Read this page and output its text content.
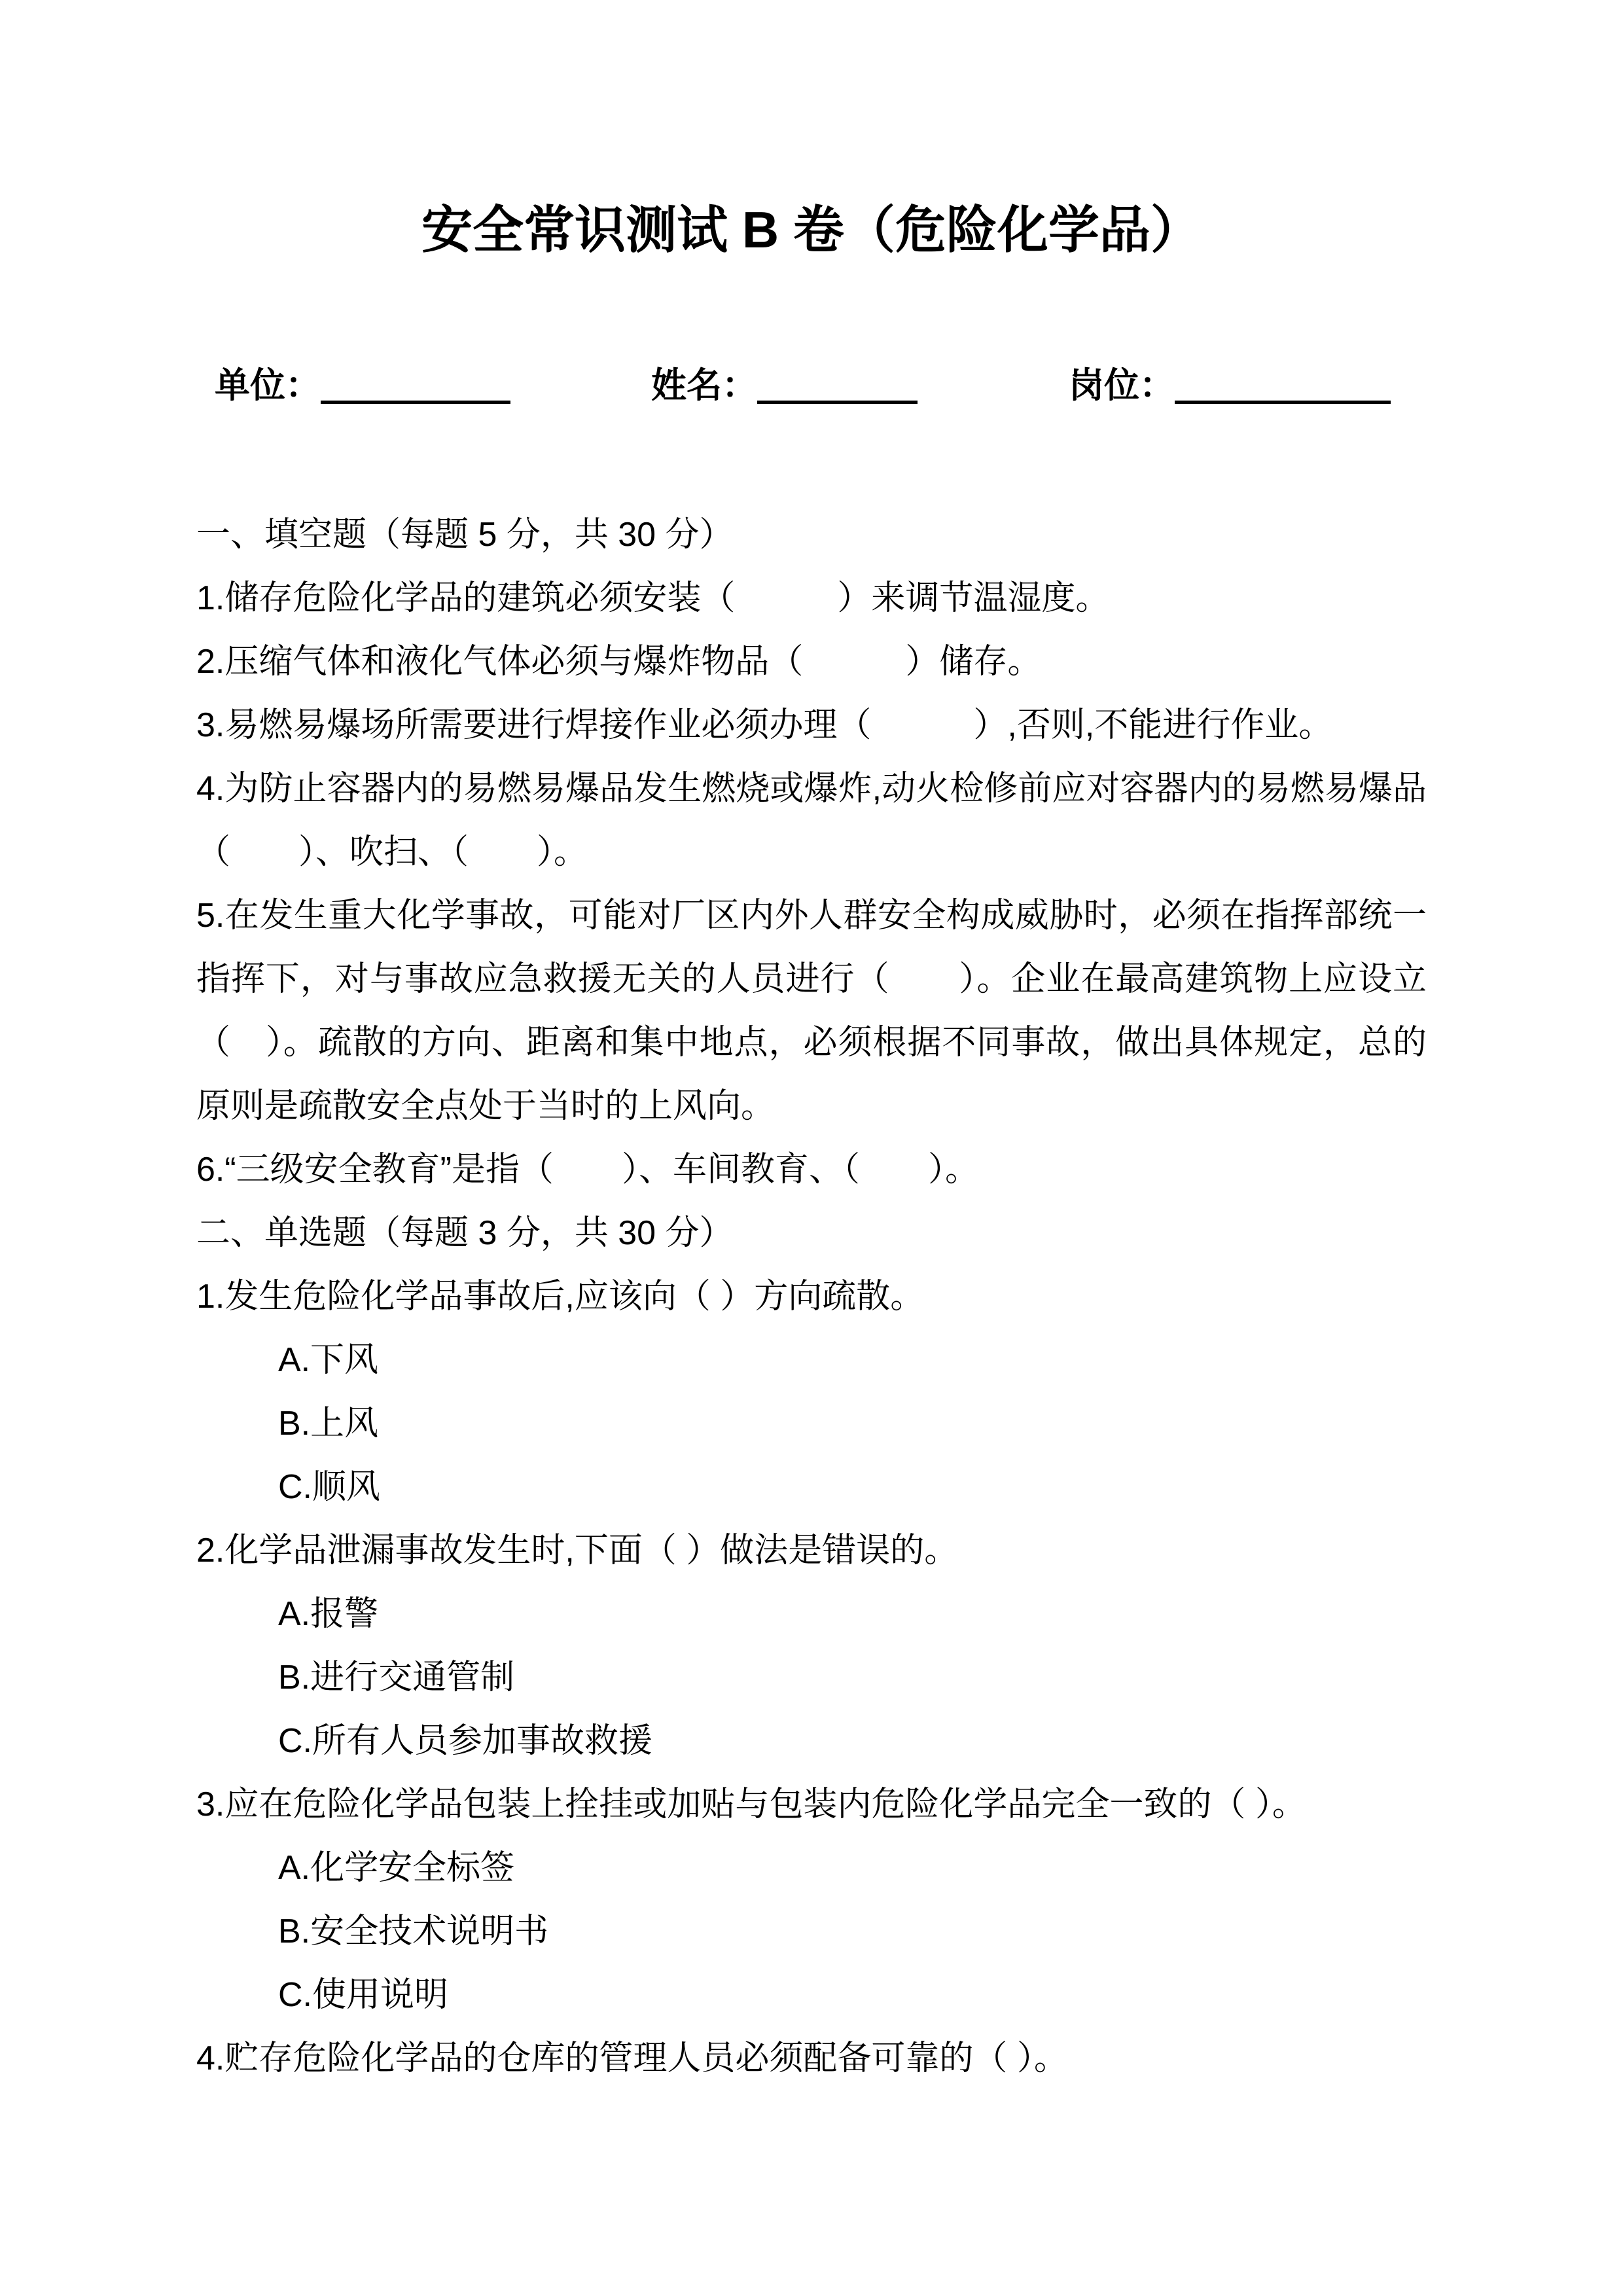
安全常识测试 B 卷（危险化学品）
单位：	姓名：	岗位：

一、填空题（每题 5 分，共 30 分）

1.储存危险化学品的建筑必须安装（　　　）来调节温湿度。

2.压缩气体和液化气体必须与爆炸物品（　　　）储存。

3.易燃易爆场所需要进行焊接作业必须办理（　　　）,否则,不能进行作业。

4.为防止容器内的易燃易爆品发生燃烧或爆炸,动火检修前应对容器内的易燃易爆品（　　）、吹扫、（　　）。

5.在发生重大化学事故，可能对厂区内外人群安全构成威胁时，必须在指挥部统一指挥下，对与事故应急救援无关的人员进行（　　）。企业在最高建筑物上应设立（　）。疏散的方向、距离和集中地点，必须根据不同事故，做出具体规定，总的原则是疏散安全点处于当时的上风向。

6.“三级安全教育”是指（　　）、车间教育、（　　）。

二、单选题（每题 3 分，共 30 分）

1.发生危险化学品事故后,应该向（ ）方向疏散。

A.下风

B.上风

C.顺风

2.化学品泄漏事故发生时,下面（ ）做法是错误的。

A.报警

B.进行交通管制

C.所有人员参加事故救援

3.应在危险化学品包装上拴挂或加贴与包装内危险化学品完全一致的（ ）。

A.化学安全标签

B.安全技术说明书

C.使用说明

4.贮存危险化学品的仓库的管理人员必须配备可靠的（ ）。
